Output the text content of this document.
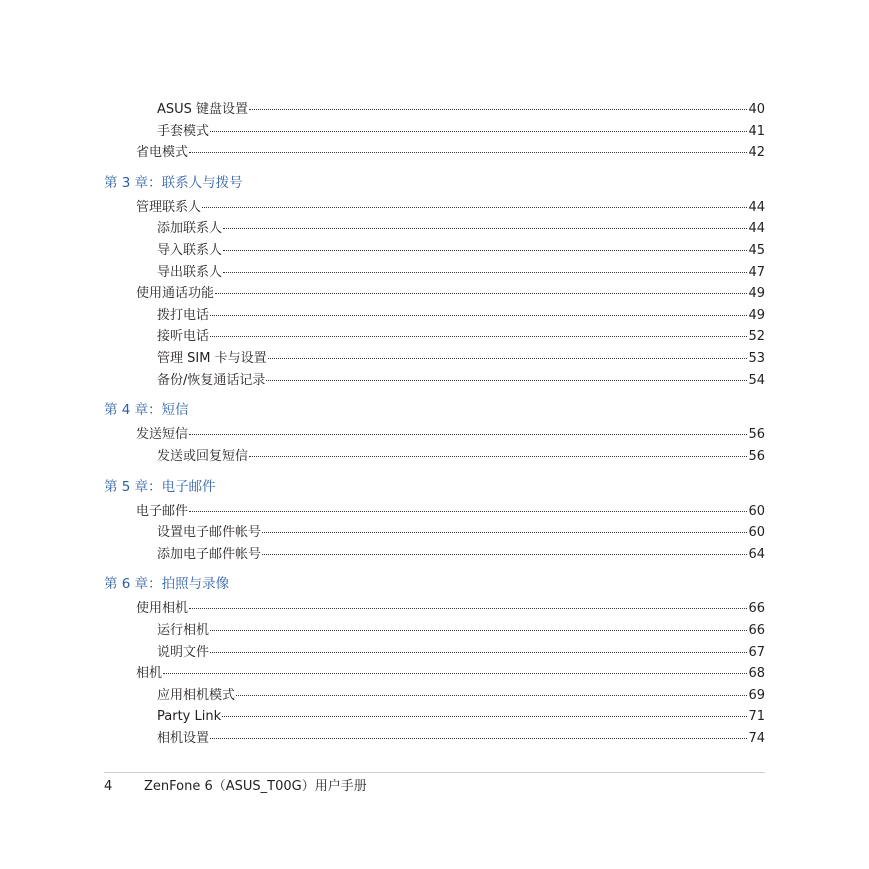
ASUS 键盘设置	40
手套模式	41
省电模式	42
第 3 章：联系人与拨号
管理联系人	44
添加联系人	44
导入联系人	45
导出联系人	47
使用通话功能	49
拨打电话	49
接听电话	52
管理 SIM 卡与设置	53
备份/恢复通话记录	54
第 4 章：短信
发送短信	56
发送或回复短信	56
第 5 章：电子邮件
电子邮件	60
设置电子邮件帐号	60
添加电子邮件帐号	64
第 6 章：拍照与录像
使用相机	66
运行相机	66
说明文件	67
相机	68
应用相机模式	69
Party Link	71
相机设置	74
4 ZenFone 6（ASUS_T00G）用户手册
